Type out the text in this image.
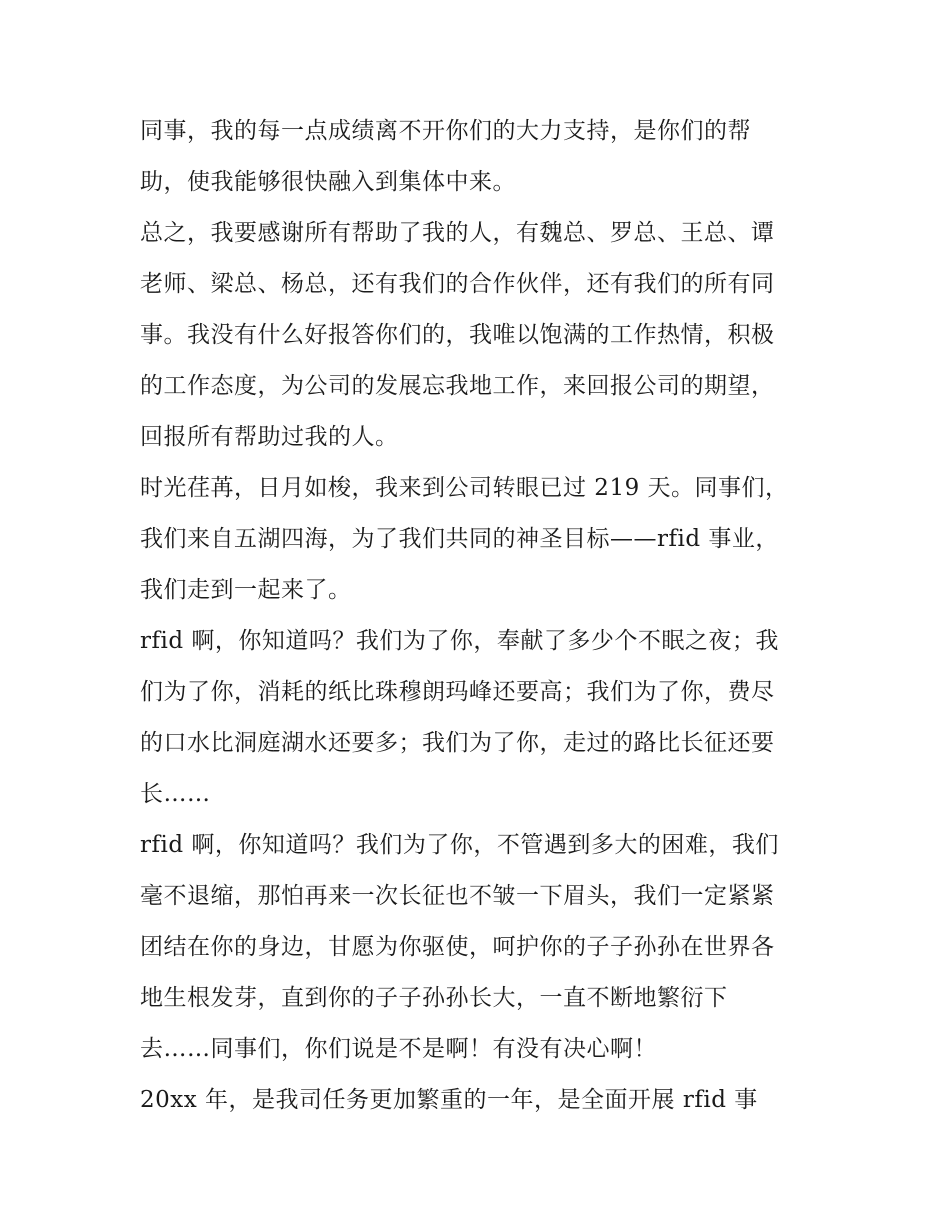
同事，我的每一点成绩离不开你们的大力支持，是你们的帮
助，使我能够很快融入到集体中来。
总之，我要感谢所有帮助了我的人，有魏总、罗总、王总、谭
老师、梁总、杨总，还有我们的合作伙伴，还有我们的所有同
事。我没有什么好报答你们的，我唯以饱满的工作热情，积极
的工作态度，为公司的发展忘我地工作，来回报公司的期望，
回报所有帮助过我的人。
时光荏苒，日月如梭，我来到公司转眼已过 219 天。同事们，
我们来自五湖四海，为了我们共同的神圣目标——rfid 事业，
我们走到一起来了。
rfid 啊，你知道吗？我们为了你，奉献了多少个不眠之夜；我
们为了你，消耗的纸比珠穆朗玛峰还要高；我们为了你，费尽
的口水比洞庭湖水还要多；我们为了你，走过的路比长征还要
长……
rfid 啊，你知道吗？我们为了你，不管遇到多大的困难，我们
毫不退缩，那怕再来一次长征也不皱一下眉头，我们一定紧紧
团结在你的身边，甘愿为你驱使，呵护你的子子孙孙在世界各
地生根发芽，直到你的子子孙孙长大，一直不断地繁衍下
去……同事们，你们说是不是啊！有没有决心啊！
20xx 年，是我司任务更加繁重的一年，是全面开展 rfid 事
